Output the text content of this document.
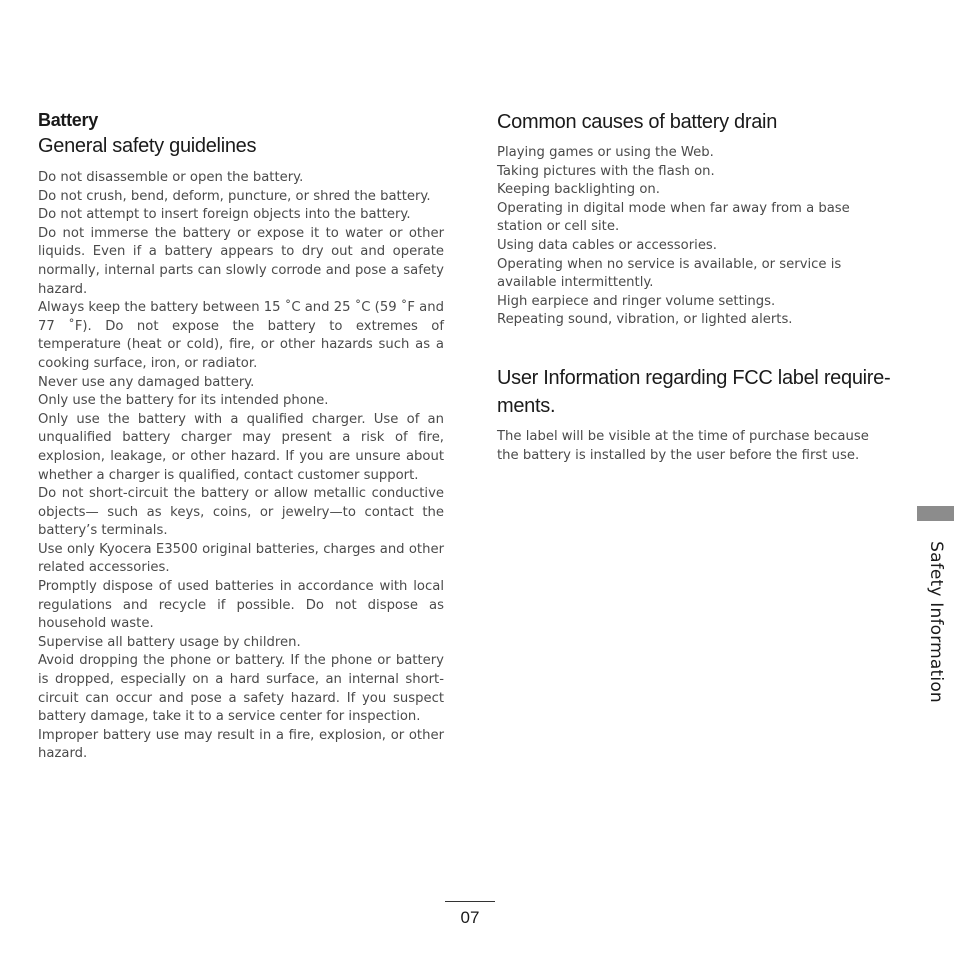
Battery
General safety guidelines
Do not disassemble or open the battery.
Do not crush, bend, deform, puncture, or shred the battery.
Do not attempt to insert foreign objects into the battery.
Do not immerse the battery or expose it to water or other liquids. Even if a battery appears to dry out and operate normally, internal parts can slowly corrode and pose a safety hazard.
Always keep the battery between 15 ˚C and 25 ˚C (59 ˚F and 77 ˚F). Do not expose the battery to extremes of temperature (heat or cold), fire, or other hazards such as a cooking surface, iron, or radiator.
Never use any damaged battery.
Only use the battery for its intended phone.
Only use the battery with a qualified charger. Use of an unqualified battery charger may present a risk of fire, explosion, leakage, or other hazard. If you are unsure about whether a charger is qualified, contact customer support.
Do not short-circuit the battery or allow metallic conductive objects— such as keys, coins, or jewelry—to contact the battery’s terminals.
Use only Kyocera E3500 original batteries, charges and other related accessories.
Promptly dispose of used batteries in accordance with local regulations and recycle if possible. Do not dispose as household waste.
Supervise all battery usage by children.
Avoid dropping the phone or battery. If the phone or battery is dropped, especially on a hard surface, an internal short-circuit can occur and pose a safety hazard. If you suspect battery damage, take it to a service center for inspection.
Improper battery use may result in a fire, explosion, or other hazard.
Common causes of battery drain
Playing games or using the Web.
Taking pictures with the flash on.
Keeping backlighting on.
Operating in digital mode when far away from a base station or cell site.
Using data cables or accessories.
Operating when no service is available, or service is available intermittently.
High earpiece and ringer volume settings.
Repeating sound, vibration, or lighted alerts.
User Information regarding FCC label require-ments.

The label will be visible at the time of purchase because the battery is installed by the user before the first use.

Safety Information
07
